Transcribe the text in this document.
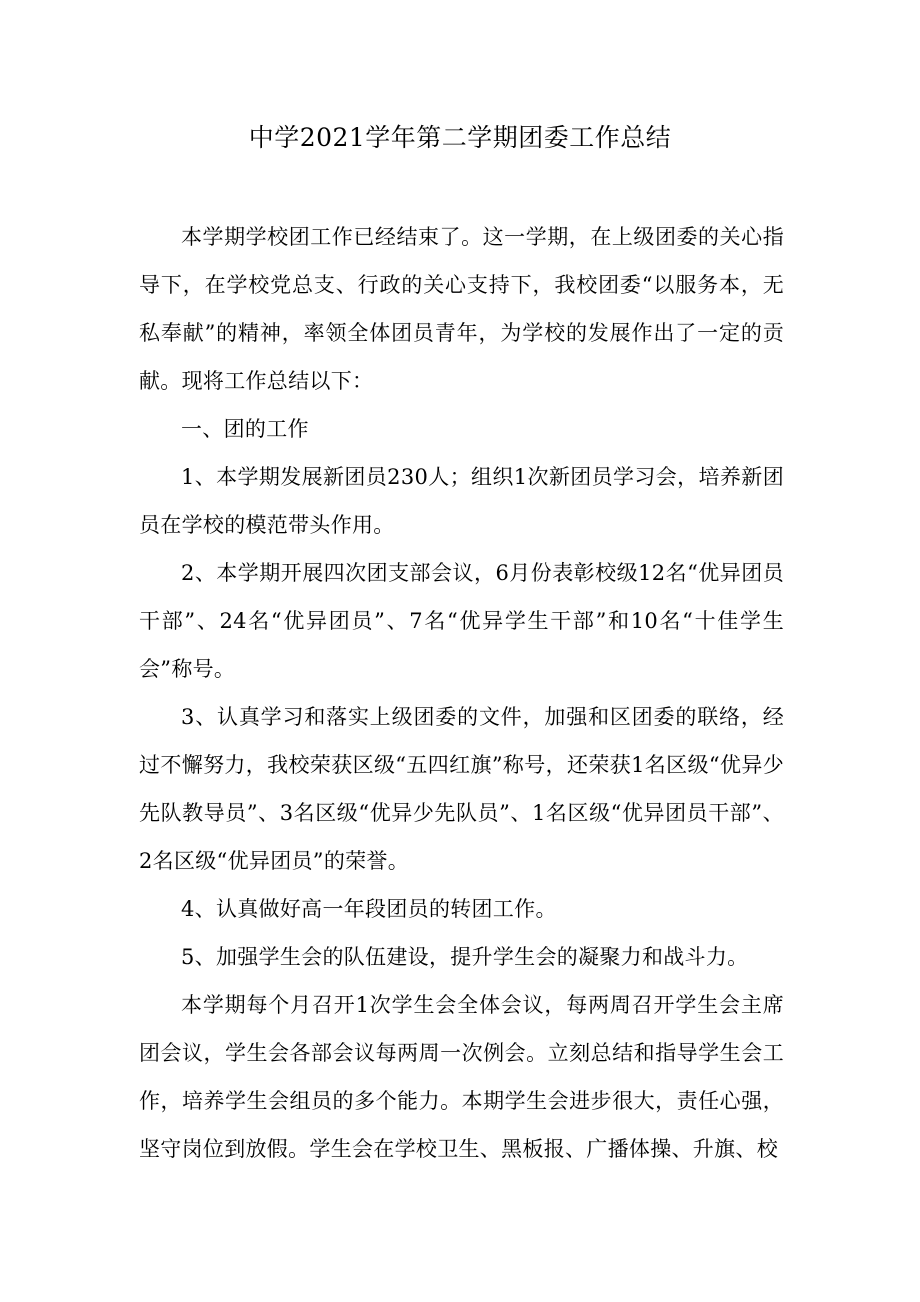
中学2021学年第二学期团委工作总结

本学期学校团工作已经结束了。这一学期，在上级团委的关心指导下，在学校党总支、行政的关心支持下，我校团委“以服务本，无私奉献”的精神，率领全体团员青年，为学校的发展作出了一定的贡献。现将工作总结以下：

一、团的工作

1、本学期发展新团员230人；组织1次新团员学习会，培养新团员在学校的模范带头作用。

2、本学期开展四次团支部会议，6月份表彰校级12名“优异团员干部”、24名“优异团员”、7名“优异学生干部”和10名“十佳学生会”称号。

3、认真学习和落实上级团委的文件，加强和区团委的联络，经过不懈努力，我校荣获区级“五四红旗”称号，还荣获1名区级“优异少先队教导员”、3名区级“优异少先队员”、1名区级“优异团员干部”、2名区级“优异团员”的荣誉。

4、认真做好高一年段团员的转团工作。

5、加强学生会的队伍建设，提升学生会的凝聚力和战斗力。

本学期每个月召开1次学生会全体会议，每两周召开学生会主席团会议，学生会各部会议每两周一次例会。立刻总结和指导学生会工作，培养学生会组员的多个能力。本期学生会进步很大，责任心强，坚守岗位到放假。学生会在学校卫生、黑板报、广播体操、升旗、校
